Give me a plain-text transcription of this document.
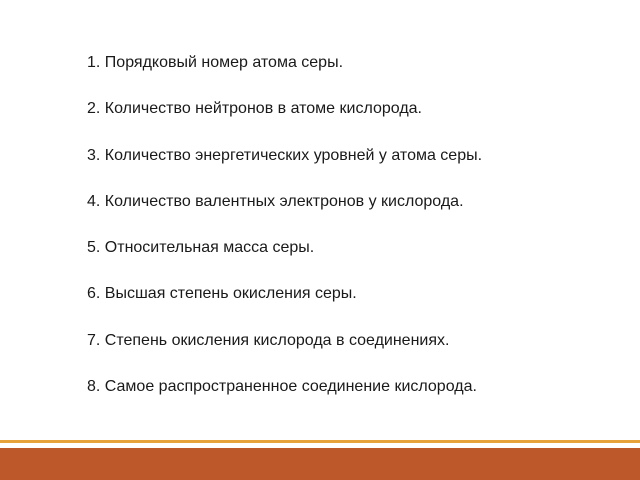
1. Порядковый номер атома серы.
2. Количество нейтронов в атоме кислорода.
3. Количество энергетических уровней у атома серы.
4. Количество валентных электронов у кислорода.
5. Относительная масса серы.
6. Высшая степень окисления серы.
7. Степень окисления кислорода в соединениях.
8. Самое распространенное соединение кислорода.
